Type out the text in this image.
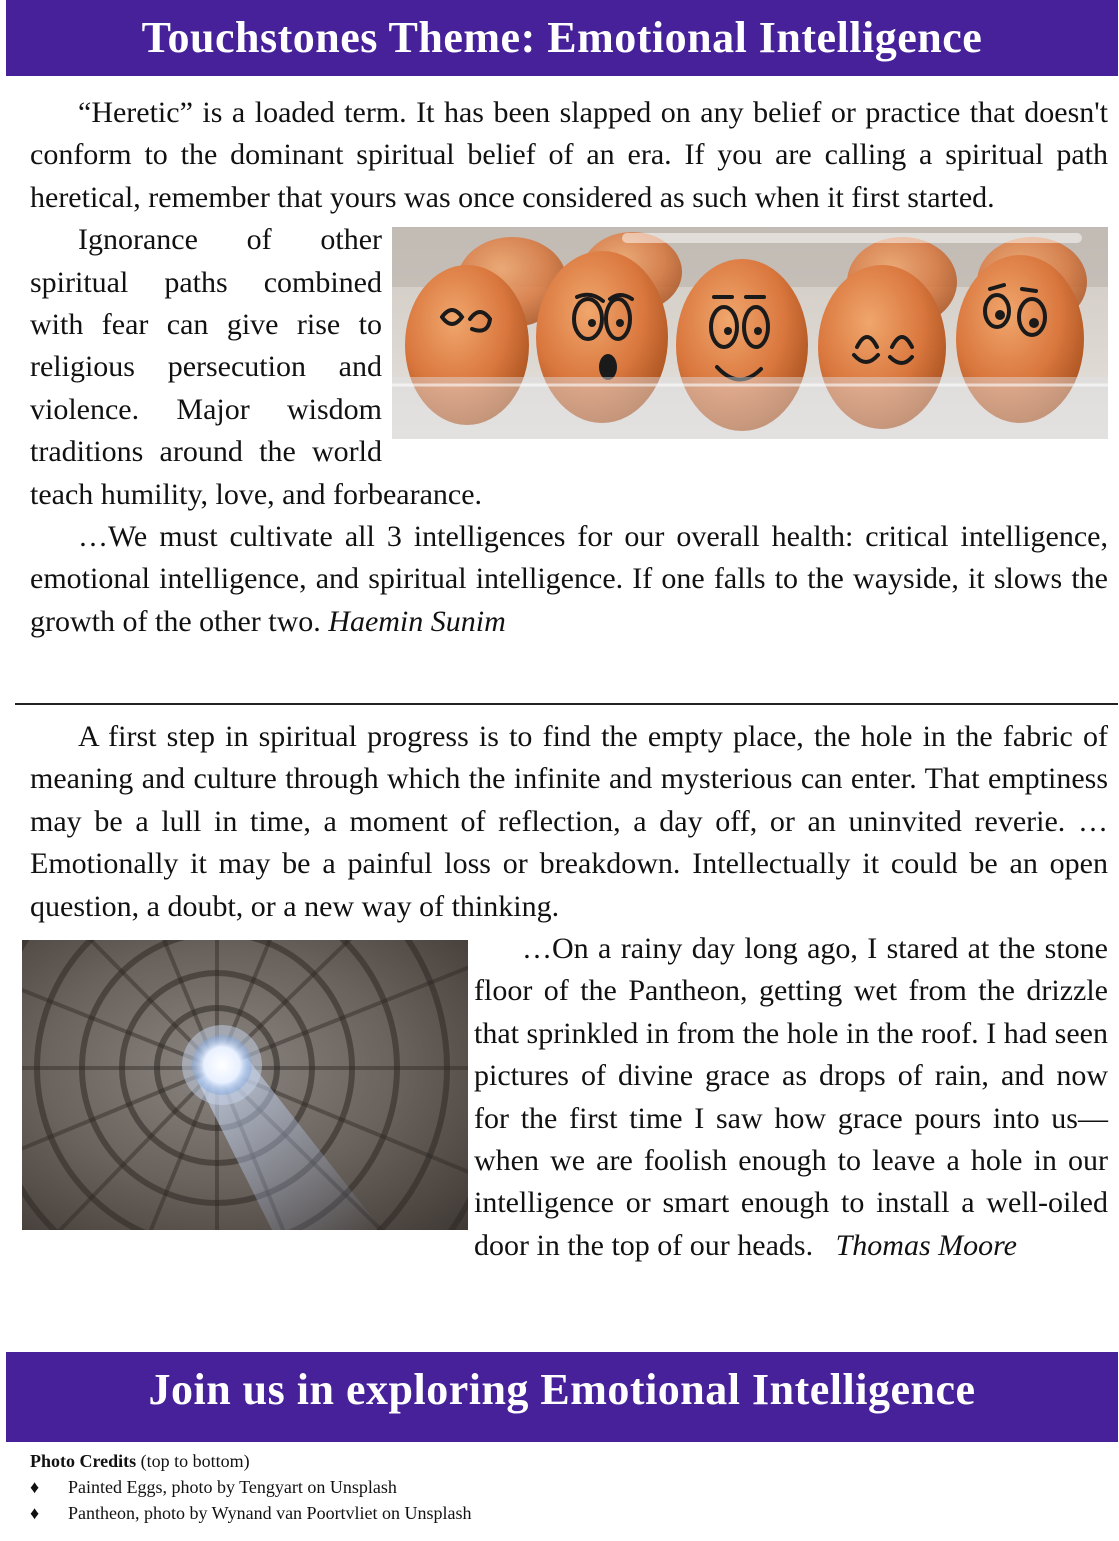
Touchstones Theme: Emotional Intelligence

“Heretic” is a loaded term. It has been slapped on any belief or practice that doesn't conform to the dominant spiritual belief of an era. If you are calling a spiritual path heretical, remember that yours was once considered as such when it first started.

Ignorance of other spiritual paths combined with fear can give rise to religious persecution and violence. Major wisdom traditions around the world teach humility, love, and forbearance.

…We must cultivate all 3 intelligences for our overall health: critical intelligence, emotional intelligence, and spiritual intelligence. If one falls to the wayside, it slows the growth of the other two. Haemin Sunim

A first step in spiritual progress is to find the empty place, the hole in the fabric of meaning and culture through which the infinite and mysterious can enter. That emptiness may be a lull in time, a moment of reflection, a day off, or an uninvited reverie. …Emotionally it may be a painful loss or breakdown. Intellectually it could be an open question, a doubt, or a new way of thinking.

…On a rainy day long ago, I stared at the stone floor of the Pantheon, getting wet from the drizzle that sprinkled in from the hole in the roof. I had seen pictures of divine grace as drops of rain, and now for the first time I saw how grace pours into us—when we are foolish enough to leave a hole in our intelligence or smart enough to install a well-oiled door in the top of our heads. Thomas Moore

Join us in exploring Emotional Intelligence
Photo Credits (top to bottom)
♦ Painted Eggs, photo by Tengyart on Unsplash
♦ Pantheon, photo by Wynand van Poortvliet on Unsplash
